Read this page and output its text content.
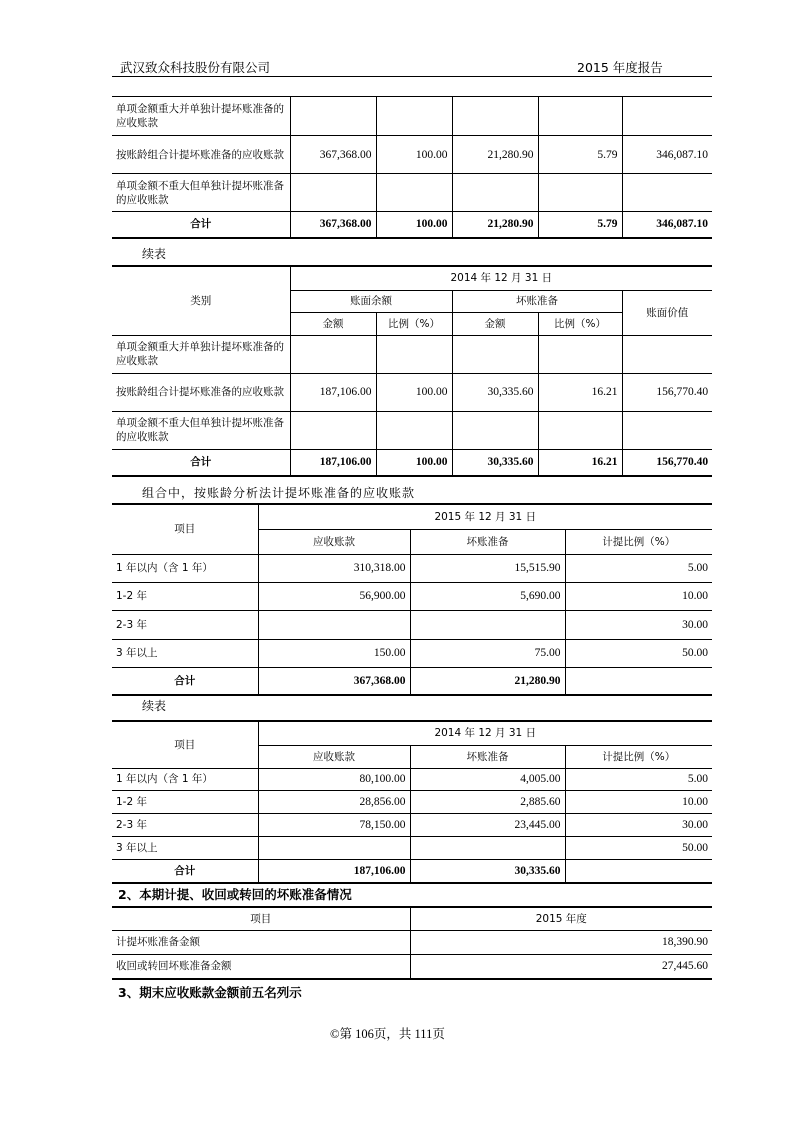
武汉致众科技股份有限公司	2015 年度报告
单项金额重大并单独计提坏账准备的应收账款					
按账龄组合计提坏账准备的应收账款	367,368.00	100.00	21,280.90	5.79	346,087.10
单项金额不重大但单独计提坏账准备的应收账款					
合计	367,368.00	100.00	21,280.90	5.79	346,087.10
续表
类别	2014 年 12 月 31 日				
	账面余额		坏账准备		账面价值
	金额	比例（%）	金额	比例（%）	
单项金额重大并单独计提坏账准备的应收账款					
按账龄组合计提坏账准备的应收账款	187,106.00	100.00	30,335.60	16.21	156,770.40
单项金额不重大但单独计提坏账准备的应收账款					
合计	187,106.00	100.00	30,335.60	16.21	156,770.40
组合中，按账龄分析法计提坏账准备的应收账款
项目	2015 年 12 月 31 日		
	应收账款	坏账准备	计提比例（%）
1 年以内（含 1 年）	310,318.00	15,515.90	5.00
1-2 年	56,900.00	5,690.00	10.00
2-3 年			30.00
3 年以上	150.00	75.00	50.00
合计	367,368.00	21,280.90	
续表
项目	2014 年 12 月 31 日		
	应收账款	坏账准备	计提比例（%）
1 年以内（含 1 年）	80,100.00	4,005.00	5.00
1-2 年	28,856.00	2,885.60	10.00
2-3 年	78,150.00	23,445.00	30.00
3 年以上			50.00
合计	187,106.00	30,335.60	
2、本期计提、收回或转回的坏账准备情况
项目	2015 年度
计提坏账准备金额	18,390.90
收回或转回坏账准备金额	27,445.60
3、期末应收账款金额前五名列示
©第 106页，共 111页
